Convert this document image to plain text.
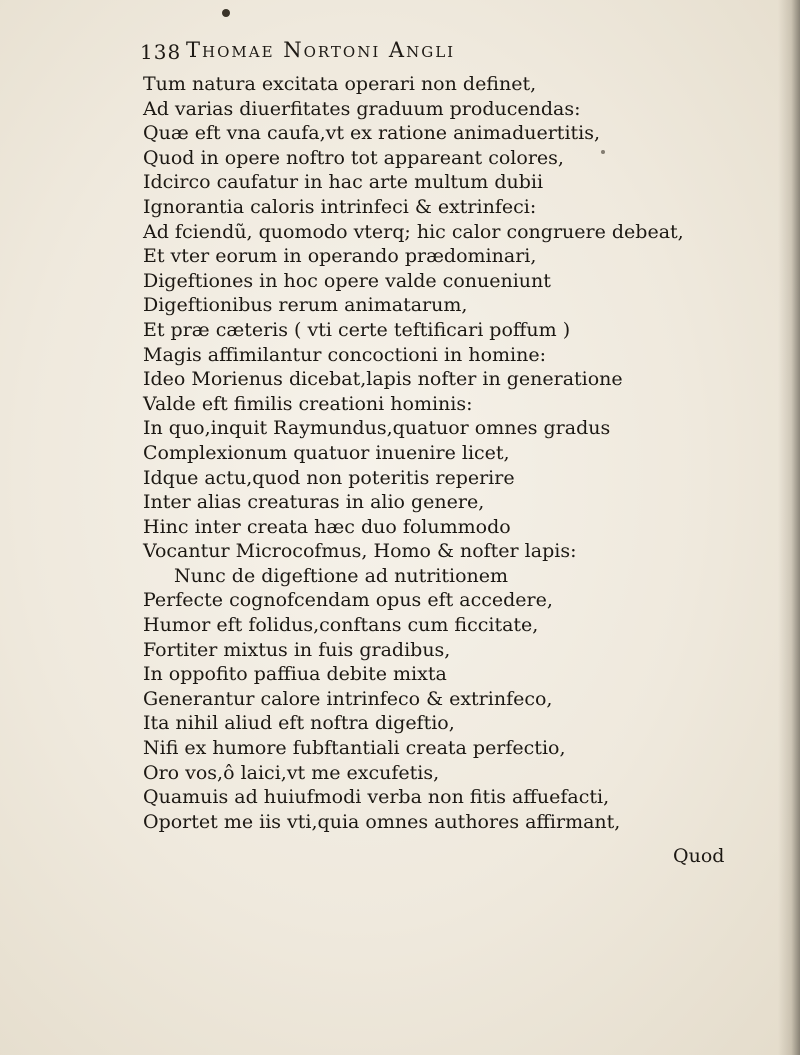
138 Thomae Nortoni Angli
Tum natura excitata operari non definet,
Ad varias diuerfitates graduum producendas:
Quæ eft vna caufa,vt ex ratione animaduertitis,
Quod in opere noftro tot appareant colores,
Idcirco caufatur in hac arte multum dubii
Ignorantia caloris intrinfeci & extrinfeci:
Ad fciendũ, quomodo vterq; hic calor congruere debeat,
Et vter eorum in operando prædominari,
Digeftiones in hoc opere valde conueniunt
Digeftionibus rerum animatarum,
Et præ cæteris ( vti certe teftificari poffum )
Magis affimilantur concoctioni in homine:
Ideo Morienus dicebat,lapis nofter in generatione
Valde eft fimilis creationi hominis:
In quo,inquit Raymundus,quatuor omnes gradus
Complexionum quatuor inuenire licet,
Idque actu,quod non poteritis reperire
Inter alias creaturas in alio genere,
Hinc inter creata hæc duo folummodo
Vocantur Microcofmus, Homo & nofter lapis:
Nunc de digeftione ad nutritionem
Perfecte cognofcendam opus eft accedere,
Humor eft folidus,conftans cum ficcitate,
Fortiter mixtus in fuis gradibus,
In oppofito paffiua debite mixta
Generantur calore intrinfeco & extrinfeco,
Ita nihil aliud eft noftra digeftio,
Nifi ex humore fubftantiali creata perfectio,
Oro vos,ô laici,vt me excufetis,
Quamuis ad huiufmodi verba non fitis affuefacti,
Oportet me iis vti,quia omnes authores affirmant,
Quod
